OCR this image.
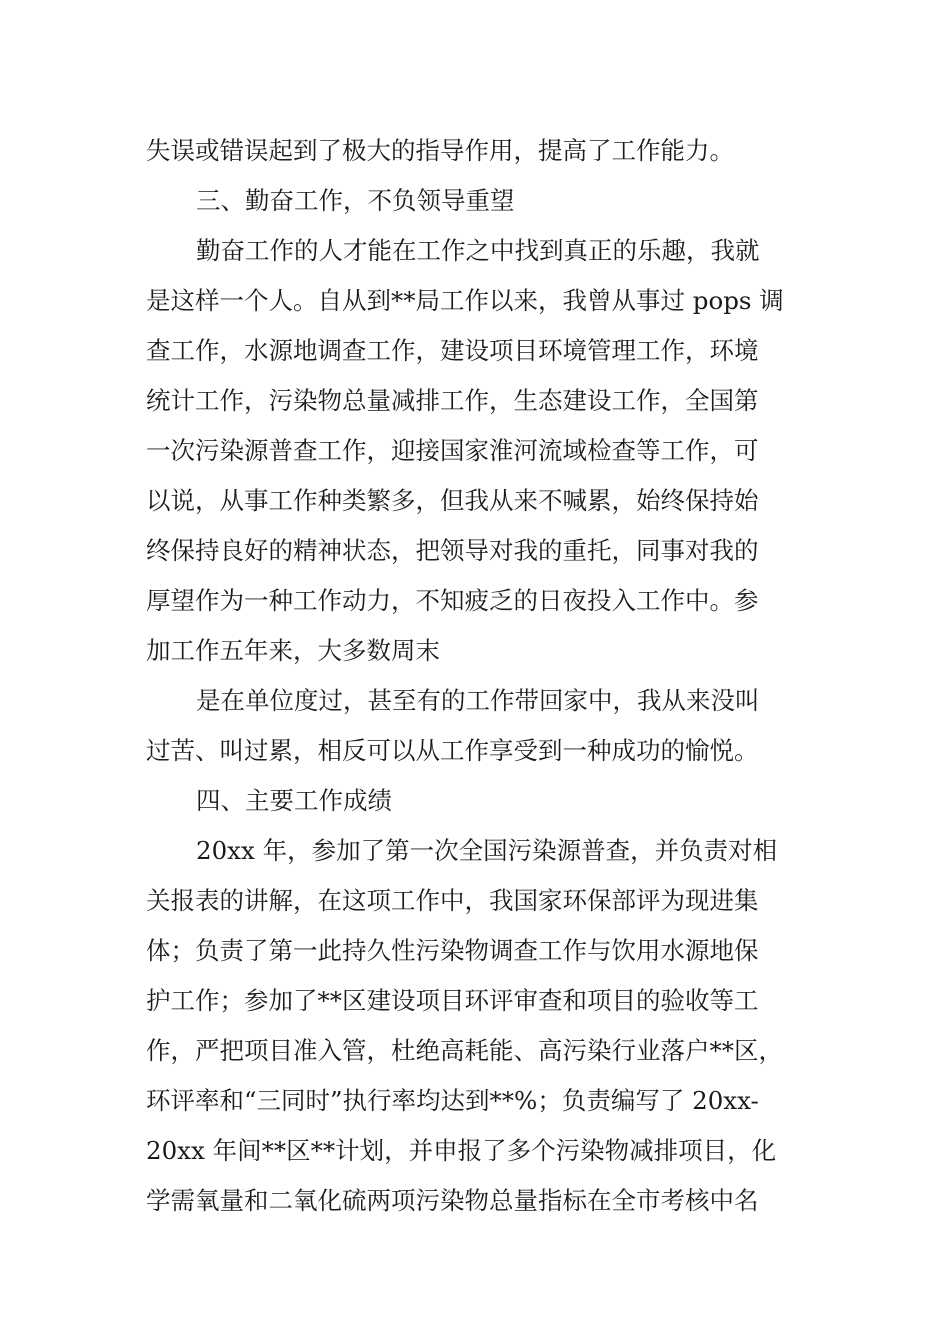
失误或错误起到了极大的指导作用，提高了工作能力。
三、勤奋工作，不负领导重望
勤奋工作的人才能在工作之中找到真正的乐趣，我就
是这样一个人。自从到**局工作以来，我曾从事过 pops 调
查工作，水源地调查工作，建设项目环境管理工作，环境
统计工作，污染物总量减排工作，生态建设工作，全国第
一次污染源普查工作，迎接国家淮河流域检查等工作，可
以说，从事工作种类繁多，但我从来不喊累，始终保持始
终保持良好的精神状态，把领导对我的重托，同事对我的
厚望作为一种工作动力，不知疲乏的日夜投入工作中。参
加工作五年来，大多数周末
是在单位度过，甚至有的工作带回家中，我从来没叫
过苦、叫过累，相反可以从工作享受到一种成功的愉悦。
四、主要工作成绩
20xx 年，参加了第一次全国污染源普查，并负责对相
关报表的讲解，在这项工作中，我国家环保部评为现进集
体；负责了第一此持久性污染物调查工作与饮用水源地保
护工作；参加了**区建设项目环评审查和项目的验收等工
作，严把项目准入管，杜绝高耗能、高污染行业落户**区，
环评率和“三同时”执行率均达到**%；负责编写了 20xx-
20xx 年间**区**计划，并申报了多个污染物减排项目，化
学需氧量和二氧化硫两项污染物总量指标在全市考核中名
